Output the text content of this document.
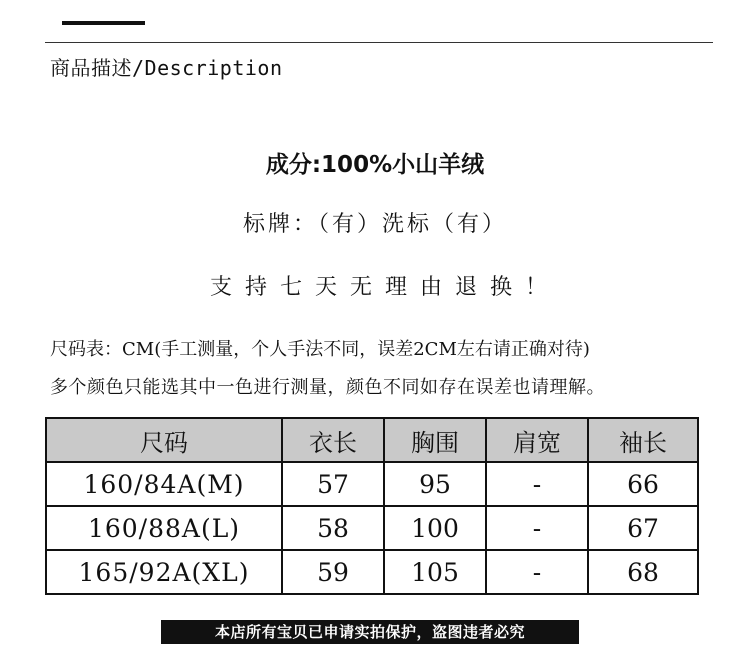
商品描述/Description
成分:100%小山羊绒
标牌：（有）洗标（有）
支持七天无理由退换！
尺码表：CM(手工测量，个人手法不同，误差2CM左右请正确对待)
多个颜色只能选其中一色进行测量，颜色不同如存在误差也请理解。
尺码	衣长	胸围	肩宽	袖长
160/84A(M)	57	95	-	66
160/88A(L)	58	100	-	67
165/92A(XL)	59	105	-	68
本店所有宝贝已申请实拍保护，盗图违者必究
